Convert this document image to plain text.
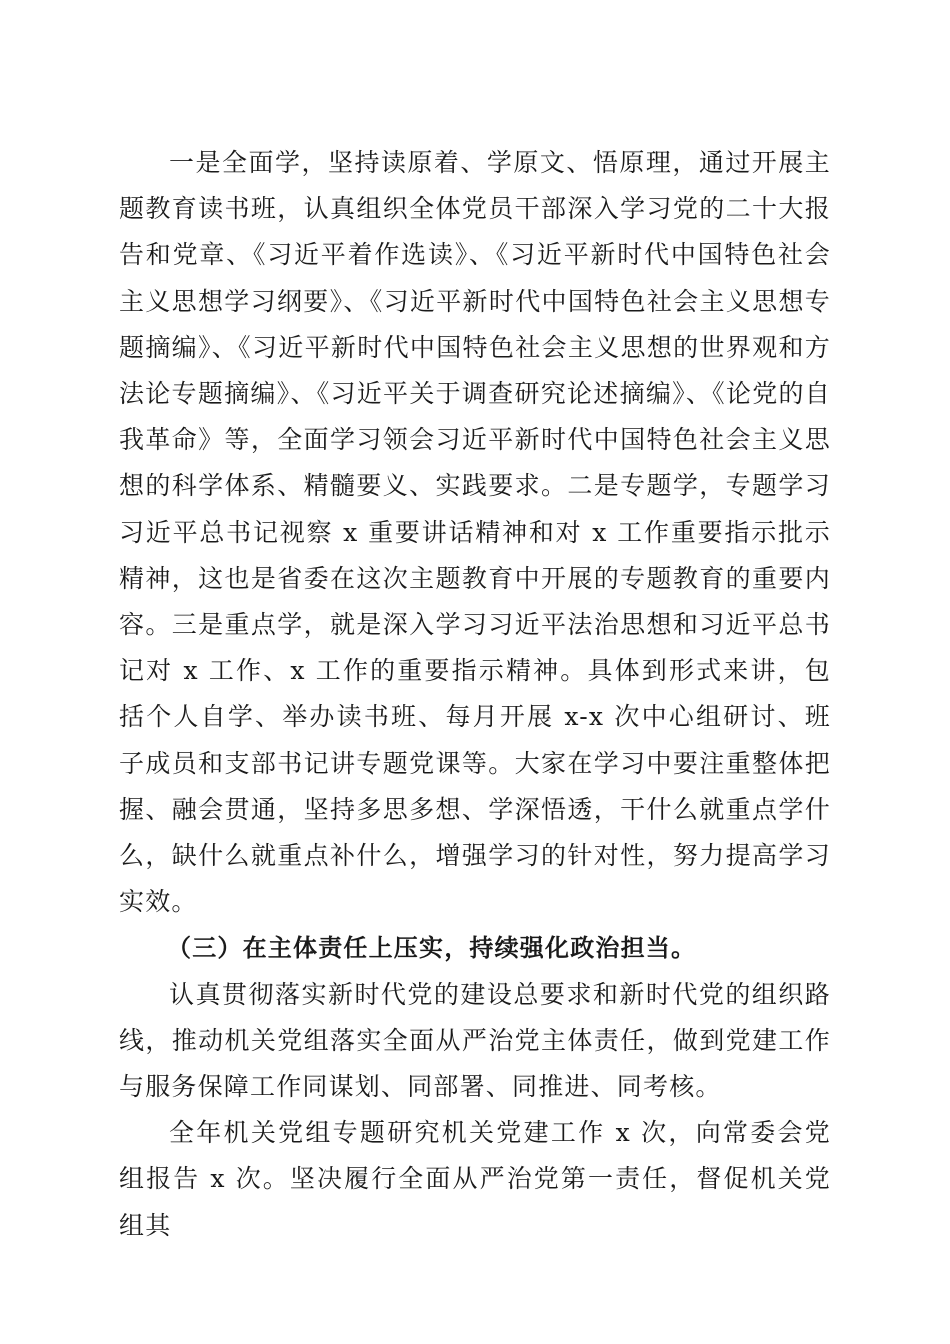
一是全面学，坚持读原着、学原文、悟原理，通过开展主题教育读书班，认真组织全体党员干部深入学习党的二十大报告和党章、《习近平着作选读》、《习近平新时代中国特色社会主义思想学习纲要》、《习近平新时代中国特色社会主义思想专题摘编》、《习近平新时代中国特色社会主义思想的世界观和方法论专题摘编》、《习近平关于调查研究论述摘编》、《论党的自我革命》等，全面学习领会习近平新时代中国特色社会主义思想的科学体系、精髓要义、实践要求。二是专题学，专题学习习近平总书记视察 x 重要讲话精神和对 x 工作重要指示批示精神，这也是省委在这次主题教育中开展的专题教育的重要内容。三是重点学，就是深入学习习近平法治思想和习近平总书记对 x 工作、x 工作的重要指示精神。具体到形式来讲，包括个人自学、举办读书班、每月开展 x-x 次中心组研讨、班子成员和支部书记讲专题党课等。大家在学习中要注重整体把握、融会贯通，坚持多思多想、学深悟透，干什么就重点学什么，缺什么就重点补什么，增强学习的针对性，努力提高学习实效。

（三）在主体责任上压实，持续强化政治担当。

认真贯彻落实新时代党的建设总要求和新时代党的组织路线，推动机关党组落实全面从严治党主体责任，做到党建工作与服务保障工作同谋划、同部署、同推进、同考核。

全年机关党组专题研究机关党建工作 x 次，向常委会党组报告 x 次。坚决履行全面从严治党第一责任，督促机关党组其
